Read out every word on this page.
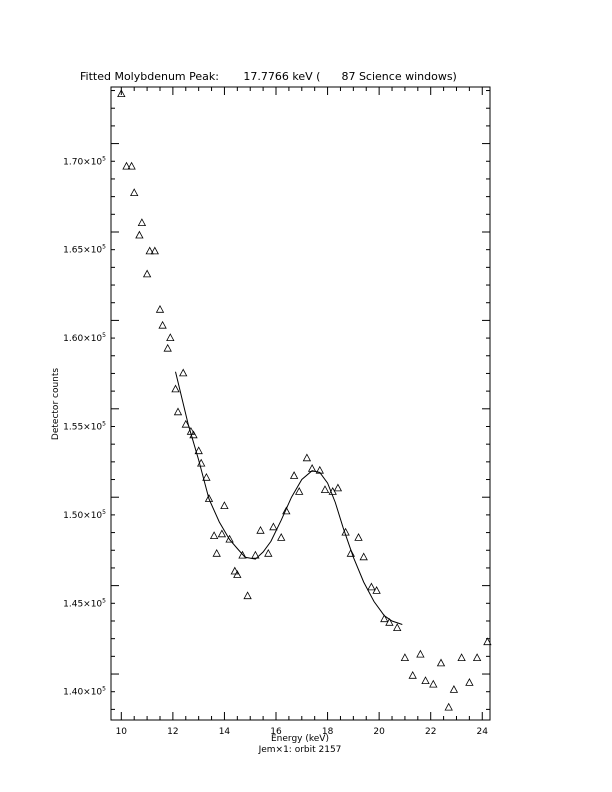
Fitted Molybdenum Peak:       17.7766 keV (      87 Science windows)
10	12	14	16	18	20	22	24
$1.40\times 10^5$
$1.45\times 10^5$
$1.50\times 10^5$
$1.55\times 10^5$
$1.60\times 10^5$
$1.65\times 10^5$
$1.70\times 10^5$
Energy (keV)
Jem×1: orbit 2157
Detector counts
